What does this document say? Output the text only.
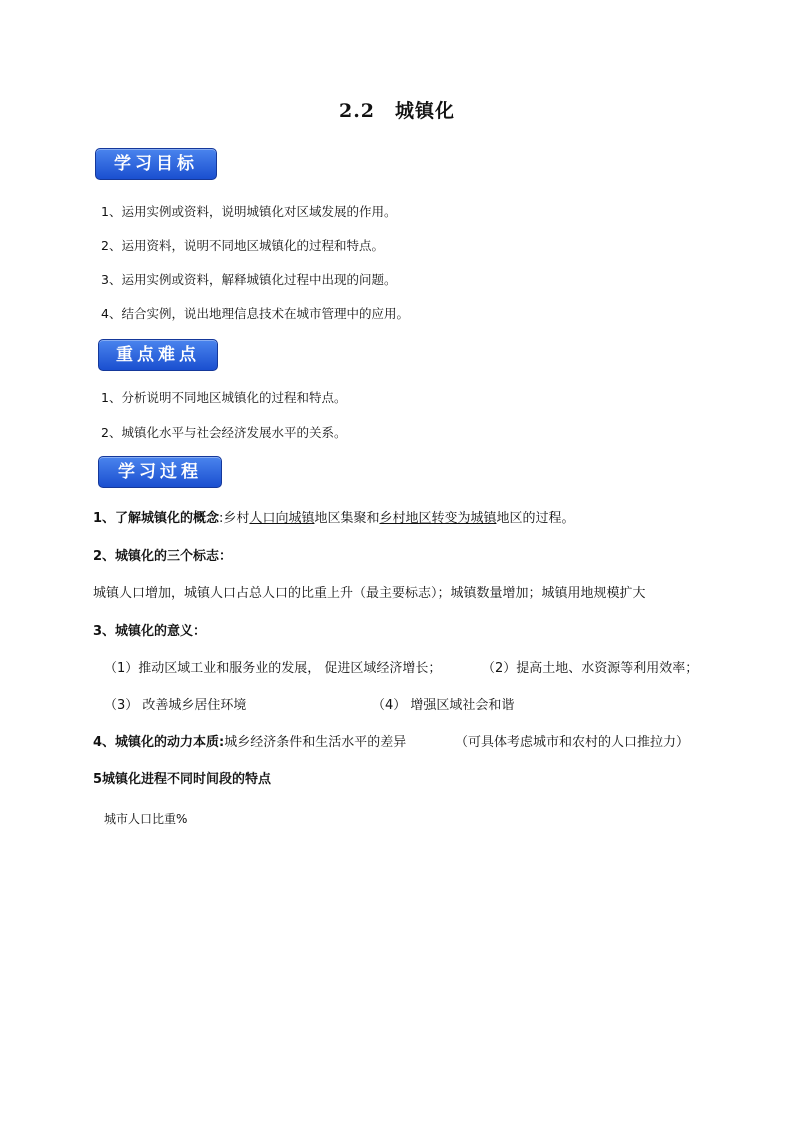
2.2　城镇化
学习目标
1、运用实例或资料，说明城镇化对区域发展的作用。
2、运用资料，说明不同地区城镇化的过程和特点。
3、运用实例或资料，解释城镇化过程中出现的问题。
4、结合实例，说出地理信息技术在城市管理中的应用。
重点难点
1、分析说明不同地区城镇化的过程和特点。
2、城镇化水平与社会经济发展水平的关系。
学习过程
1、了解城镇化的概念:乡村人口向城镇地区集聚和乡村地区转变为城镇地区的过程。
2、城镇化的三个标志：
城镇人口增加，城镇人口占总人口的比重上升（最主要标志）；城镇数量增加；城镇用地规模扩大
3、城镇化的意义：
（1）推动区域工业和服务业的发展， 促进区域经济增长；	（2）提高土地、水资源等利用效率；
（3） 改善城乡居住环境	（4） 增强区域社会和谐
4、城镇化的动力本质:城乡经济条件和生活水平的差异	（可具体考虑城市和农村的人口推拉力）
5城镇化进程不同时间段的特点
城市人口比重%
